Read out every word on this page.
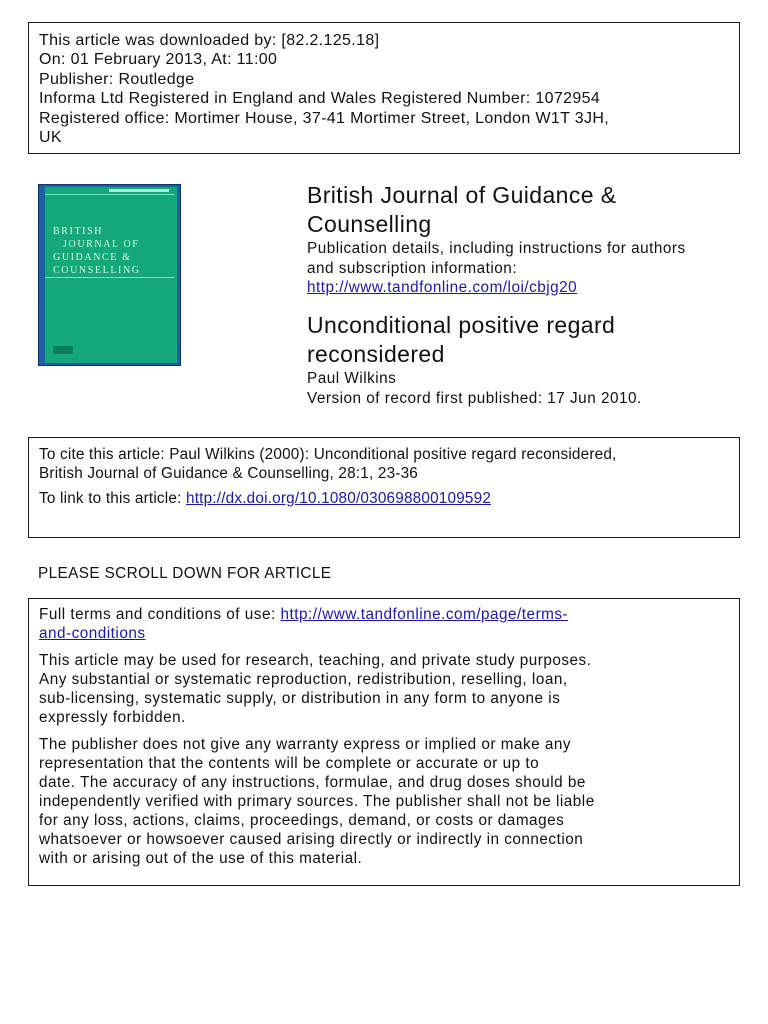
This article was downloaded by: [82.2.125.18]
On: 01 February 2013, At: 11:00
Publisher: Routledge
Informa Ltd Registered in England and Wales Registered Number: 1072954
Registered office: Mortimer House, 37-41 Mortimer Street, London W1T 3JH,
UK
BRITISH
JOURNAL OF
GUIDANCE &
COUNSELLING
British Journal of Guidance &
Counselling
Publication details, including instructions for authors
and subscription information:
http://www.tandfonline.com/loi/cbjg20
Unconditional positive regard
reconsidered
Paul Wilkins
Version of record first published: 17 Jun 2010.
To cite this article: Paul Wilkins (2000): Unconditional positive regard reconsidered,
British Journal of Guidance & Counselling, 28:1, 23-36
To link to this article: http://dx.doi.org/10.1080/030698800109592
PLEASE SCROLL DOWN FOR ARTICLE
Full terms and conditions of use: http://www.tandfonline.com/page/terms-
and-conditions
This article may be used for research, teaching, and private study purposes.
Any substantial or systematic reproduction, redistribution, reselling, loan,
sub-licensing, systematic supply, or distribution in any form to anyone is
expressly forbidden.
The publisher does not give any warranty express or implied or make any
representation that the contents will be complete or accurate or up to
date. The accuracy of any instructions, formulae, and drug doses should be
independently verified with primary sources. The publisher shall not be liable
for any loss, actions, claims, proceedings, demand, or costs or damages
whatsoever or howsoever caused arising directly or indirectly in connection
with or arising out of the use of this material.
